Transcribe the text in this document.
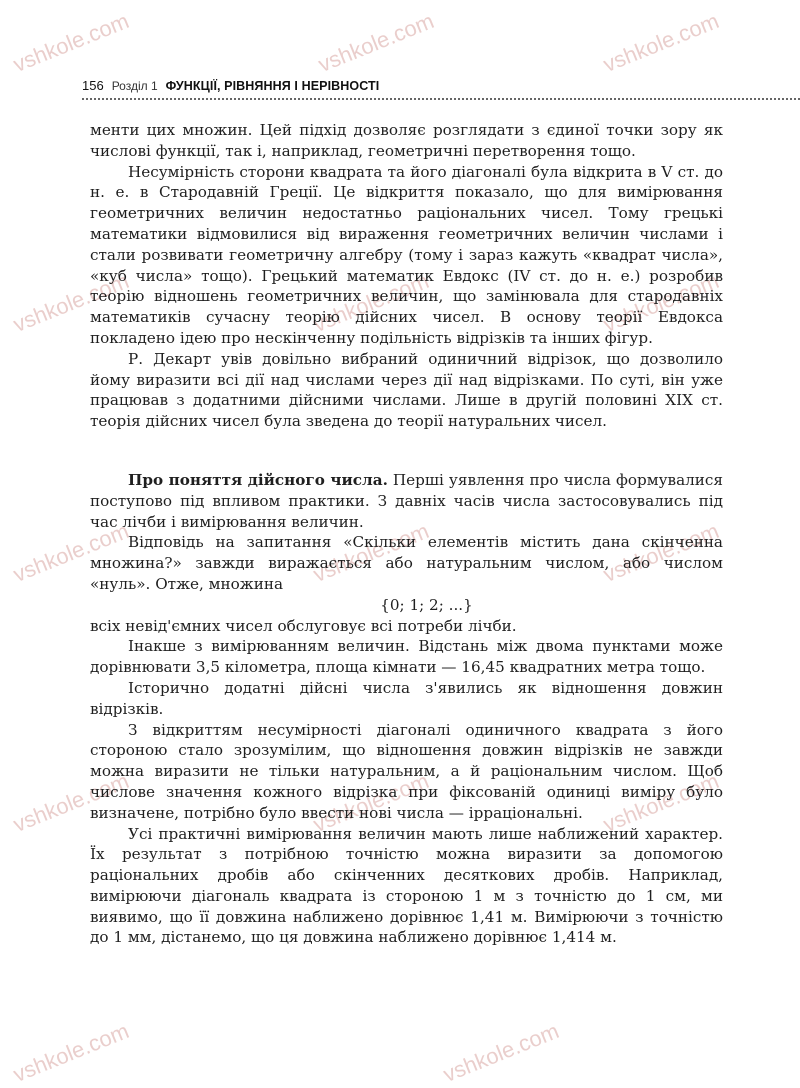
vshkole.com	vshkole.com	vshkole.com
vshkole.com	vshkole.com	vshkole.com
vshkole.com	vshkole.com	vshkole.com
vshkole.com	vshkole.com	vshkole.com
vshkole.com	vshkole.com
156 Розділ 1 ФУНКЦІЇ, РІВНЯННЯ І НЕРІВНОСТІ

менти цих множин. Цей підхід дозволяє розглядати з єдиної точки зору як числові функції, так і, наприклад, геометричні перетворення тощо.

Несумірність сторони квадрата та його діагоналі була відкрита в V ст. до н. е. в Стародавній Греції. Це відкриття показало, що для вимірювання геометричних величин недостатньо раціональних чисел. Тому грецькі математики відмовилися від вираження геометричних величин числами і стали розвивати геометричну алгебру (тому і зараз кажуть «квадрат числа», «куб числа» тощо). Грецький математик Евдокс (IV ст. до н. е.) розробив теорію відношень геометричних величин, що замінювала для стародавніх математиків сучасну теорію дійсних чисел. В основу теорії Евдокса покладено ідею про нескінченну подільність відрізків та інших фігур.

Р. Декарт увів довільно вибраний одиничний відрізок, що дозволило йому виразити всі дії над числами через дії над відрізками. По суті, він уже працював з додатними дійсними числами. Лише в другій половині XIX ст. теорія дійсних чисел була зведена до теорії натуральних чисел.

Про поняття дійсного числа. Перші уявлення про числа формувалися поступово під впливом практики. З давніх часів числа застосовувались під час лічби і вимірювання величин.

Відповідь на запитання «Скільки елементів містить дана скінченна множина?» завжди виражається або натуральним числом, або числом «нуль». Отже, множина

{0; 1; 2; ...}

всіх невід'ємних чисел обслуговує всі потреби лічби.

Інакше з вимірюванням величин. Відстань між двома пунктами може дорівнювати 3,5 кілометра, площа кімнати — 16,45 квадратних метра тощо.

Історично додатні дійсні числа з'явились як відношення довжин відрізків.

З відкриттям несумірності діагоналі одиничного квадрата з його стороною стало зрозумілим, що відношення довжин відрізків не завжди можна виразити не тільки натуральним, а й раціональним числом. Щоб числове значення кожного відрізка при фіксованій одиниці виміру було визначене, потрібно було ввести нові числа — ірраціональні.

Усі практичні вимірювання величин мають лише наближений характер. Їх результат з потрібною точністю можна виразити за допомогою раціональних дробів або скінченних десяткових дробів. Наприклад, вимірюючи діагональ квадрата із стороною 1 м з точністю до 1 см, ми виявимо, що її довжина наближено дорівнює 1,41 м. Вимірюючи з точністю до 1 мм, дістанемо, що ця довжина наближено дорівнює 1,414 м.
